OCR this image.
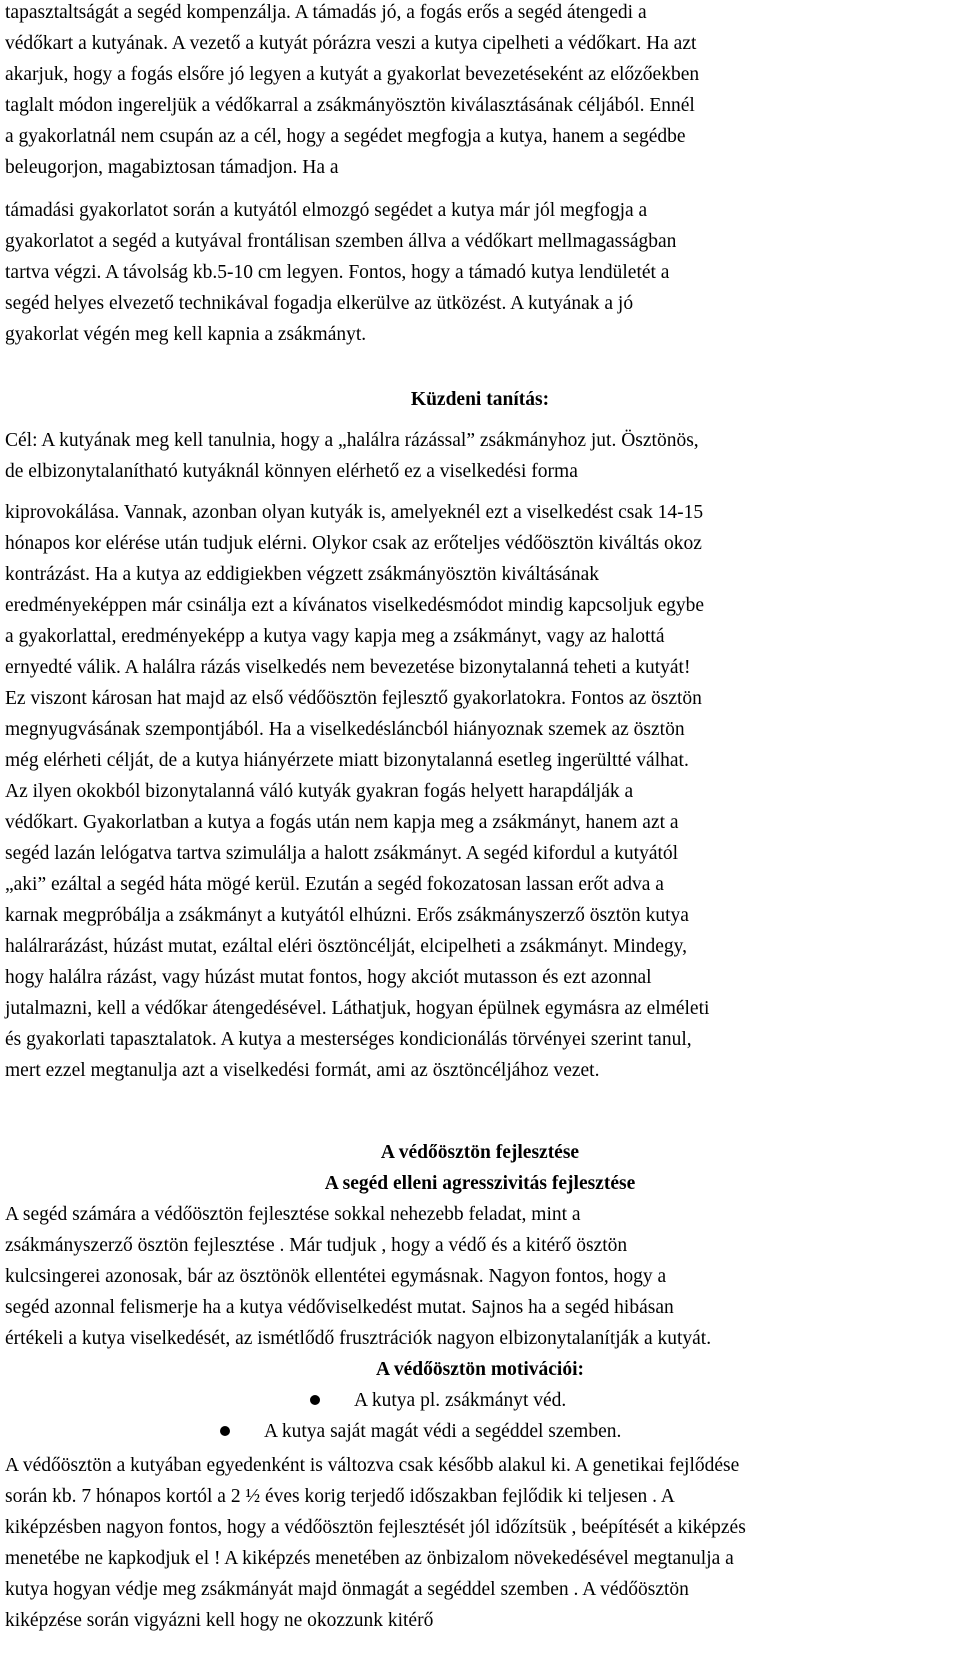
tapasztaltságát a segéd kompenzálja. A támadás jó, a fogás erős a segéd átengedi a
védőkart a kutyának. A vezető a kutyát pórázra veszi a kutya cipelheti a védőkart. Ha azt
akarjuk, hogy a fogás elsőre jó legyen a kutyát a gyakorlat bevezetéseként az előzőekben
taglalt módon ingereljük a védőkarral a zsákmányösztön kiválasztásának céljából. Ennél
a gyakorlatnál nem csupán az a cél, hogy a segédet megfogja a kutya, hanem a segédbe
beleugorjon, magabiztosan támadjon. Ha a
támadási gyakorlatot során a kutyától elmozgó segédet a kutya már jól megfogja a
gyakorlatot a segéd a kutyával frontálisan szemben állva a védőkart mellmagasságban
tartva végzi. A távolság kb.5-10 cm legyen. Fontos, hogy a támadó kutya lendületét a
segéd helyes elvezető technikával fogadja elkerülve az ütközést. A kutyának a jó
gyakorlat végén meg kell kapnia a zsákmányt.
Küzdeni tanítás:
Cél: A kutyának meg kell tanulnia, hogy a „halálra rázással” zsákmányhoz jut. Ösztönös,
de elbizonytalanítható kutyáknál könnyen elérhető ez a viselkedési forma
kiprovokálása. Vannak, azonban olyan kutyák is, amelyeknél ezt a viselkedést csak 14-15
hónapos kor elérése után tudjuk elérni. Olykor csak az erőteljes védőösztön kiváltás okoz
kontrázást. Ha a kutya az eddigiekben végzett zsákmányösztön kiváltásának
eredményeképpen már csinálja ezt a kívánatos viselkedésmódot mindig kapcsoljuk egybe
a gyakorlattal, eredményeképp a kutya vagy kapja meg a zsákmányt, vagy az halottá
ernyedté válik. A halálra rázás viselkedés nem bevezetése bizonytalanná teheti a kutyát!
Ez viszont károsan hat majd az első védőösztön fejlesztő gyakorlatokra. Fontos az ösztön
megnyugvásának szempontjából. Ha a viselkedésláncból hiányoznak szemek az ösztön
még elérheti célját, de a kutya hiányérzete miatt bizonytalanná esetleg ingerültté válhat.
Az ilyen okokból bizonytalanná váló kutyák gyakran fogás helyett harapdálják a
védőkart. Gyakorlatban a kutya a fogás után nem kapja meg a zsákmányt, hanem azt a
segéd lazán lelógatva tartva szimulálja a halott zsákmányt. A segéd kifordul a kutyától
„aki” ezáltal a segéd háta mögé kerül. Ezután a segéd fokozatosan lassan erőt adva a
karnak megpróbálja a zsákmányt a kutyától elhúzni. Erős zsákmányszerző ösztön kutya
halálrarázást, húzást mutat, ezáltal eléri ösztöncélját, elcipelheti a zsákmányt. Mindegy,
hogy halálra rázást, vagy húzást mutat fontos, hogy akciót mutasson és ezt azonnal
jutalmazni, kell a védőkar átengedésével. Láthatjuk, hogyan épülnek egymásra az elméleti
és gyakorlati tapasztalatok. A kutya a mesterséges kondicionálás törvényei szerint tanul,
mert ezzel megtanulja azt a viselkedési formát, ami az ösztöncéljához vezet.
A védőösztön fejlesztése
A segéd elleni agresszivitás fejlesztése
A segéd számára a védőösztön fejlesztése sokkal nehezebb feladat, mint a
zsákmányszerző ösztön fejlesztése . Már tudjuk , hogy a védő és a kitérő ösztön
kulcsingerei azonosak, bár az ösztönök ellentétei egymásnak. Nagyon fontos, hogy a
segéd azonnal felismerje ha a kutya védőviselkedést mutat. Sajnos ha a segéd hibásan
értékeli a kutya viselkedését, az ismétlődő frusztrációk nagyon elbizonytalanítják a kutyát.
A védőösztön motivációi:
A kutya pl. zsákmányt véd.
A kutya saját magát védi a segéddel szemben.
A védőösztön a kutyában egyedenként is változva csak később alakul ki. A genetikai fejlődése
során kb. 7 hónapos kortól a 2 ½ éves korig terjedő időszakban fejlődik ki teljesen . A
kiképzésben nagyon fontos, hogy a védőösztön fejlesztését jól időzítsük , beépítését a kiképzés
menetébe ne kapkodjuk el ! A kiképzés menetében az önbizalom növekedésével megtanulja a
kutya hogyan védje meg zsákmányát majd önmagát a segéddel szemben . A védőösztön
kiképzése során vigyázni kell hogy ne okozzunk kitérő
